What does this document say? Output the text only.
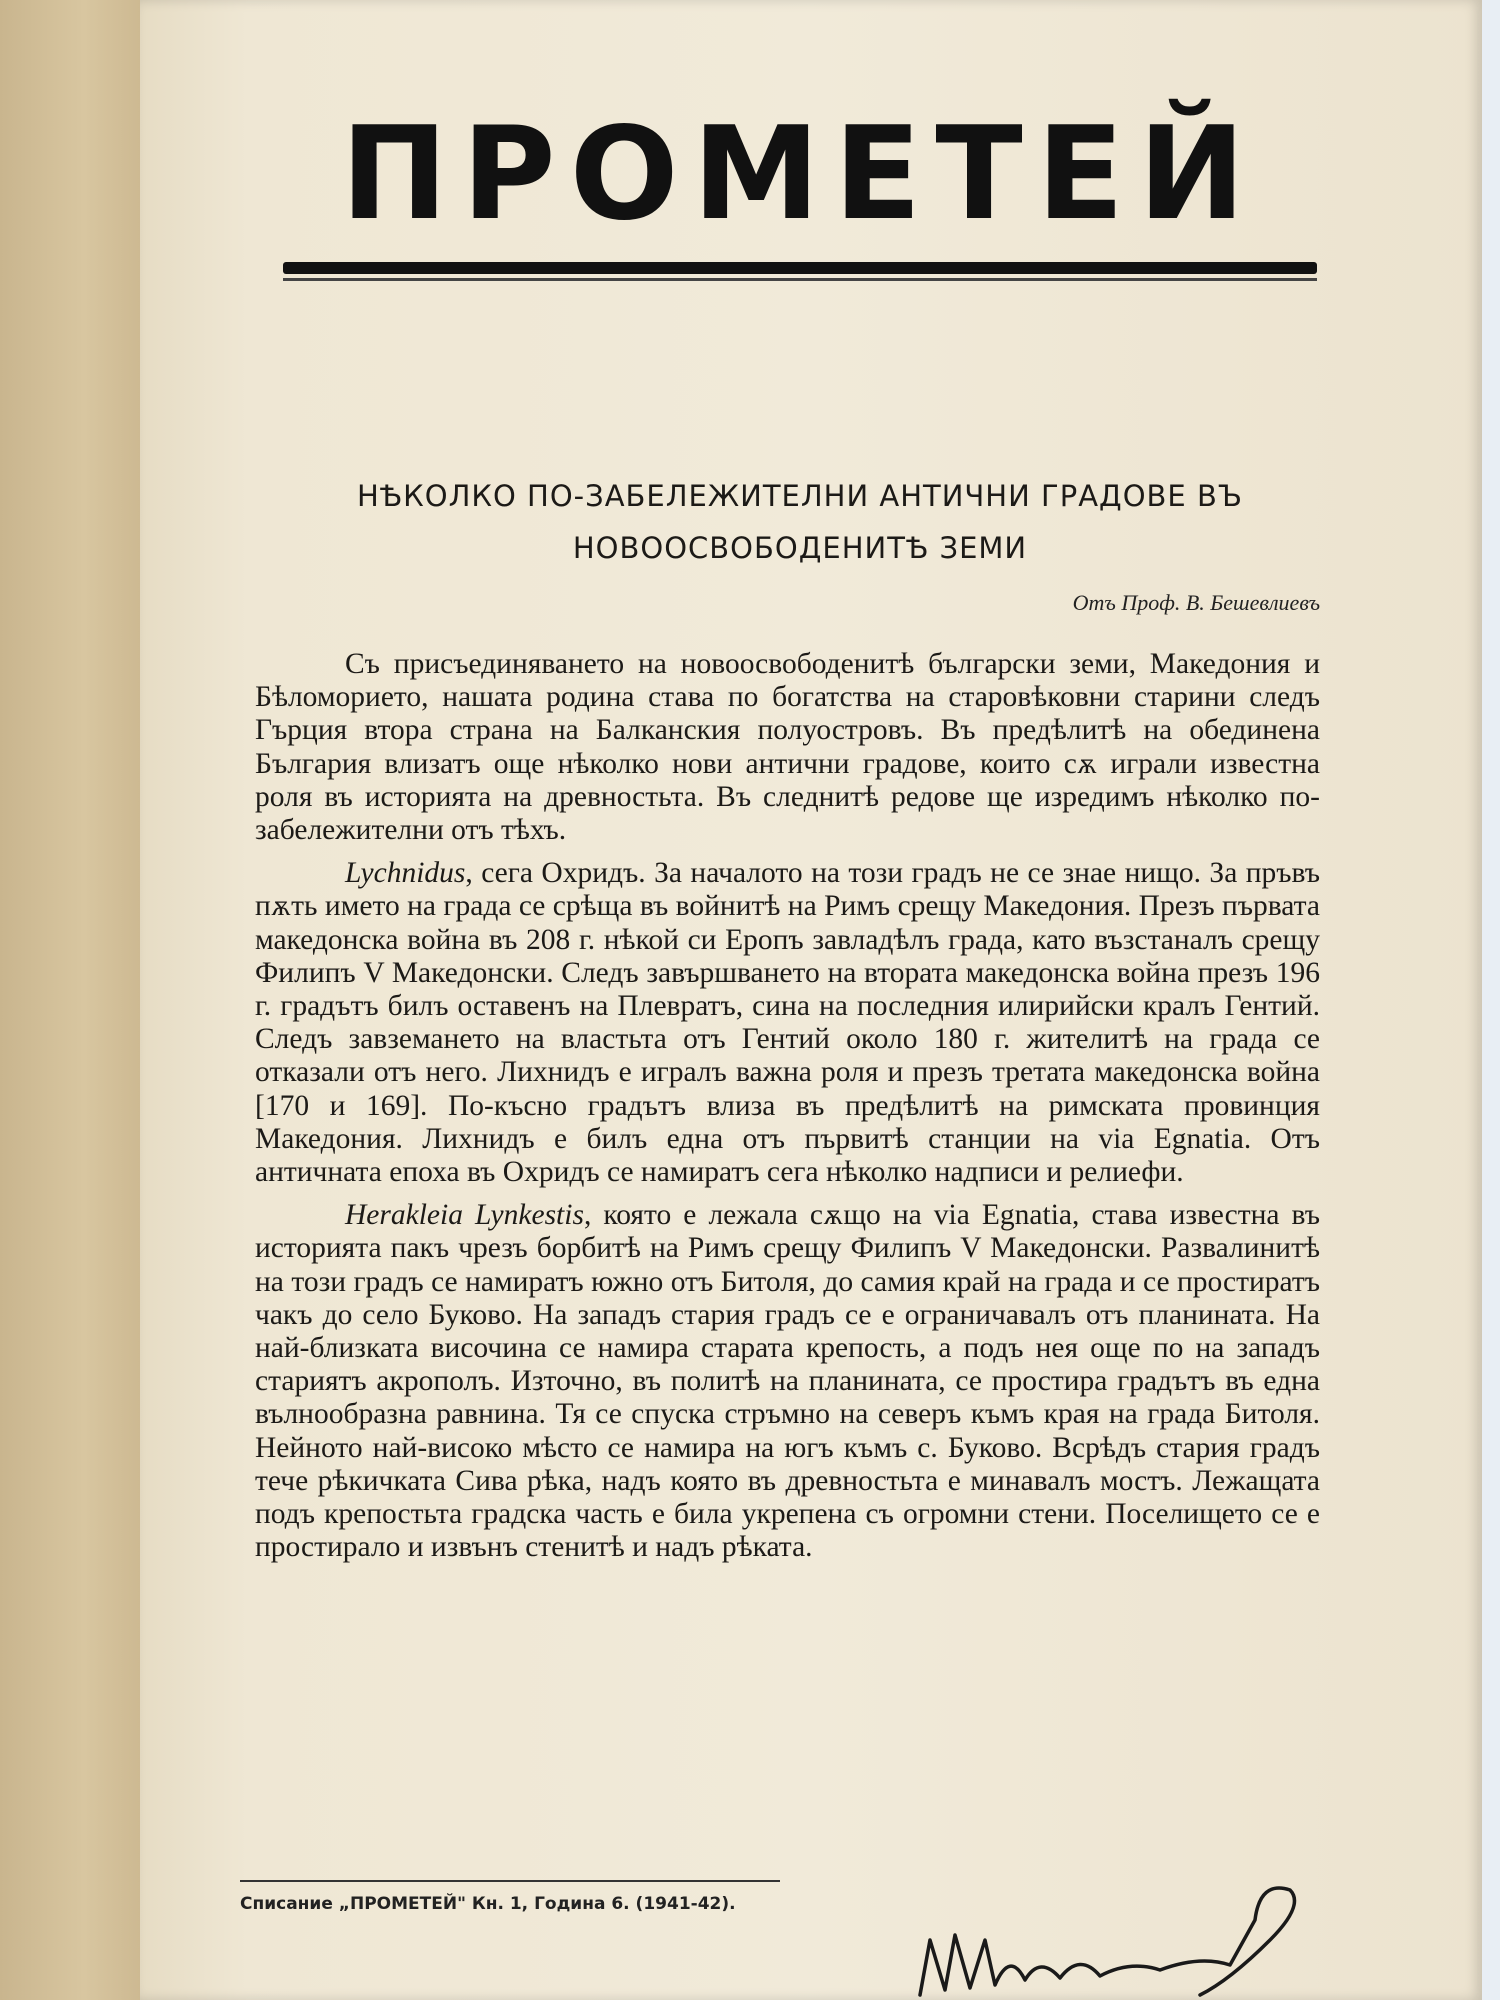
ПРОМЕТЕЙ
НѢКОЛКО ПО-ЗАБЕЛЕЖИТЕЛНИ АНТИЧНИ ГРАДОВЕ ВЪ
НОВООСВОБОДЕНИТѢ ЗЕМИ
Отъ Проф. В. Бешевлиевъ

Съ присъединяването на новоосвободенитѣ български земи, Македония и Бѣломорието, нашата родина става по богатства на старовѣковни старини следъ Гърция втора страна на Балканския полуостровъ. Въ предѣлитѣ на обединена България влизатъ още нѣколко нови антични градове, които сѫ играли известна роля въ историята на древностьта. Въ следнитѣ редове ще изредимъ нѣколко по-забележителни отъ тѣхъ.

Lychnidus, сега Охридъ. За началото на този градъ не се знае нищо. За пръвъ пѫть името на града се срѣща въ войнитѣ на Римъ срещу Македония. Презъ първата македонска война въ 208 г. нѣкой си Еропъ завладѣлъ града, като възстаналъ срещу Филипъ V Македонски. Следъ завършването на втората македонска война презъ 196 г. градътъ билъ оставенъ на Плевратъ, сина на последния илирийски кралъ Гентий. Следъ завземането на властьта отъ Гентий около 180 г. жителитѣ на града се отказали отъ него. Лихнидъ е игралъ важна роля и презъ третата македонска война [170 и 169]. По-късно градътъ влиза въ предѣлитѣ на римската провинция Македония. Лихнидъ е билъ една отъ първитѣ станции на via Egnatia. Отъ античната епоха въ Охридъ се намиратъ сега нѣколко надписи и релиефи.

Herakleia Lynkestis, която е лежала сѫщо на via Egnatia, става известна въ историята пакъ чрезъ борбитѣ на Римъ срещу Филипъ V Македонски. Развалинитѣ на този градъ се намиратъ южно отъ Битоля, до самия край на града и се простиратъ чакъ до село Буково. На западъ стария градъ се е ограничавалъ отъ планината. На най-близката височина се намира старата крепость, а подъ нея още по на западъ стариятъ акрополъ. Източно, въ политѣ на планината, се простира градътъ въ една вълнообразна равнина. Тя се спуска стръмно на северъ къмъ края на града Битоля. Нейното най-високо мѣсто се намира на югъ къмъ с. Буково. Всрѣдъ стария градъ тече рѣкичката Сива рѣка, надъ която въ древностьта е минавалъ мостъ. Лежащата подъ крепостьта градска часть е била укрепена съ огромни стени. Поселището се е простирало и извънъ стенитѣ и надъ рѣката.

Списание „ПРОМЕТЕЙ" Кн. 1, Година 6. (1941-42).
